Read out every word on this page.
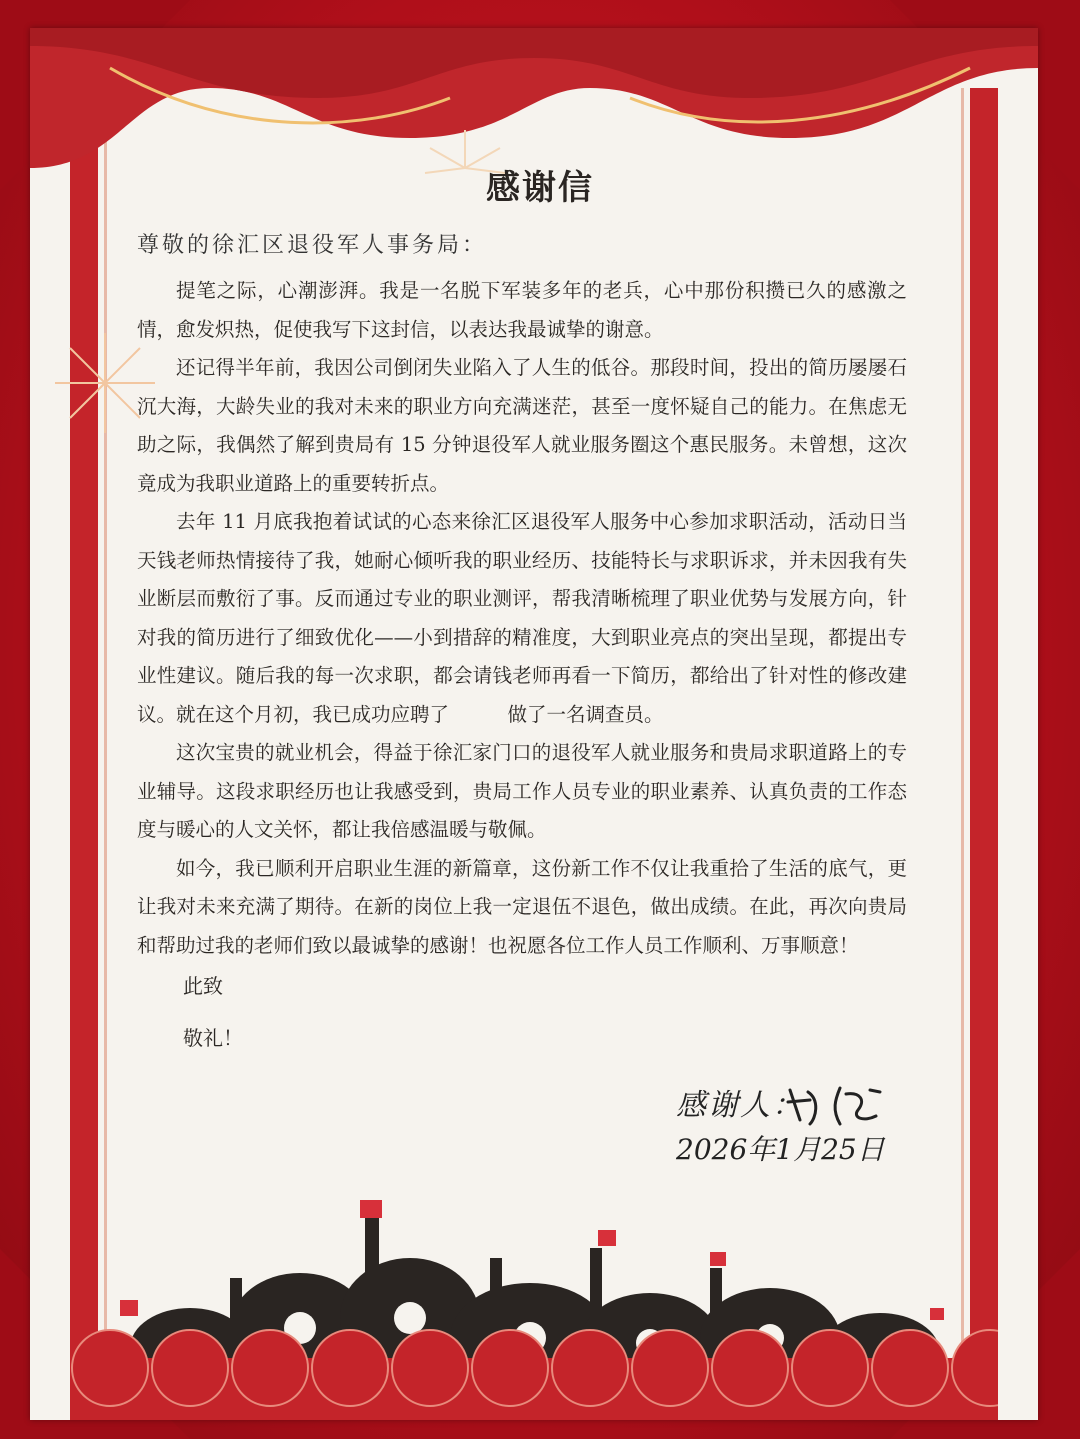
感谢信
尊敬的徐汇区退役军人事务局：

提笔之际，心潮澎湃。我是一名脱下军装多年的老兵，心中那份积攒已久的感激之情，愈发炽热，促使我写下这封信，以表达我最诚挚的谢意。

还记得半年前，我因公司倒闭失业陷入了人生的低谷。那段时间，投出的简历屡屡石沉大海，大龄失业的我对未来的职业方向充满迷茫，甚至一度怀疑自己的能力。在焦虑无助之际，我偶然了解到贵局有 15 分钟退役军人就业服务圈这个惠民服务。未曾想，这次竟成为我职业道路上的重要转折点。

去年 11 月底我抱着试试的心态来徐汇区退役军人服务中心参加求职活动，活动日当天钱老师热情接待了我，她耐心倾听我的职业经历、技能特长与求职诉求，并未因我有失业断层而敷衍了事。反而通过专业的职业测评，帮我清晰梳理了职业优势与发展方向，针对我的简历进行了细致优化——小到措辞的精准度，大到职业亮点的突出呈现，都提出专业性建议。随后我的每一次求职，都会请钱老师再看一下简历，都给出了针对性的修改建议。就在这个月初，我已成功应聘了　　　做了一名调查员。

这次宝贵的就业机会，得益于徐汇家门口的退役军人就业服务和贵局求职道路上的专业辅导。这段求职经历也让我感受到，贵局工作人员专业的职业素养、认真负责的工作态度与暖心的人文关怀，都让我倍感温暖与敬佩。

如今，我已顺利开启职业生涯的新篇章，这份新工作不仅让我重拾了生活的底气，更让我对未来充满了期待。在新的岗位上我一定退伍不退色，做出成绩。在此，再次向贵局和帮助过我的老师们致以最诚挚的感谢！也祝愿各位工作人员工作顺利、万事顺意！

此致
敬礼！
感谢人：
2026年1月25日
